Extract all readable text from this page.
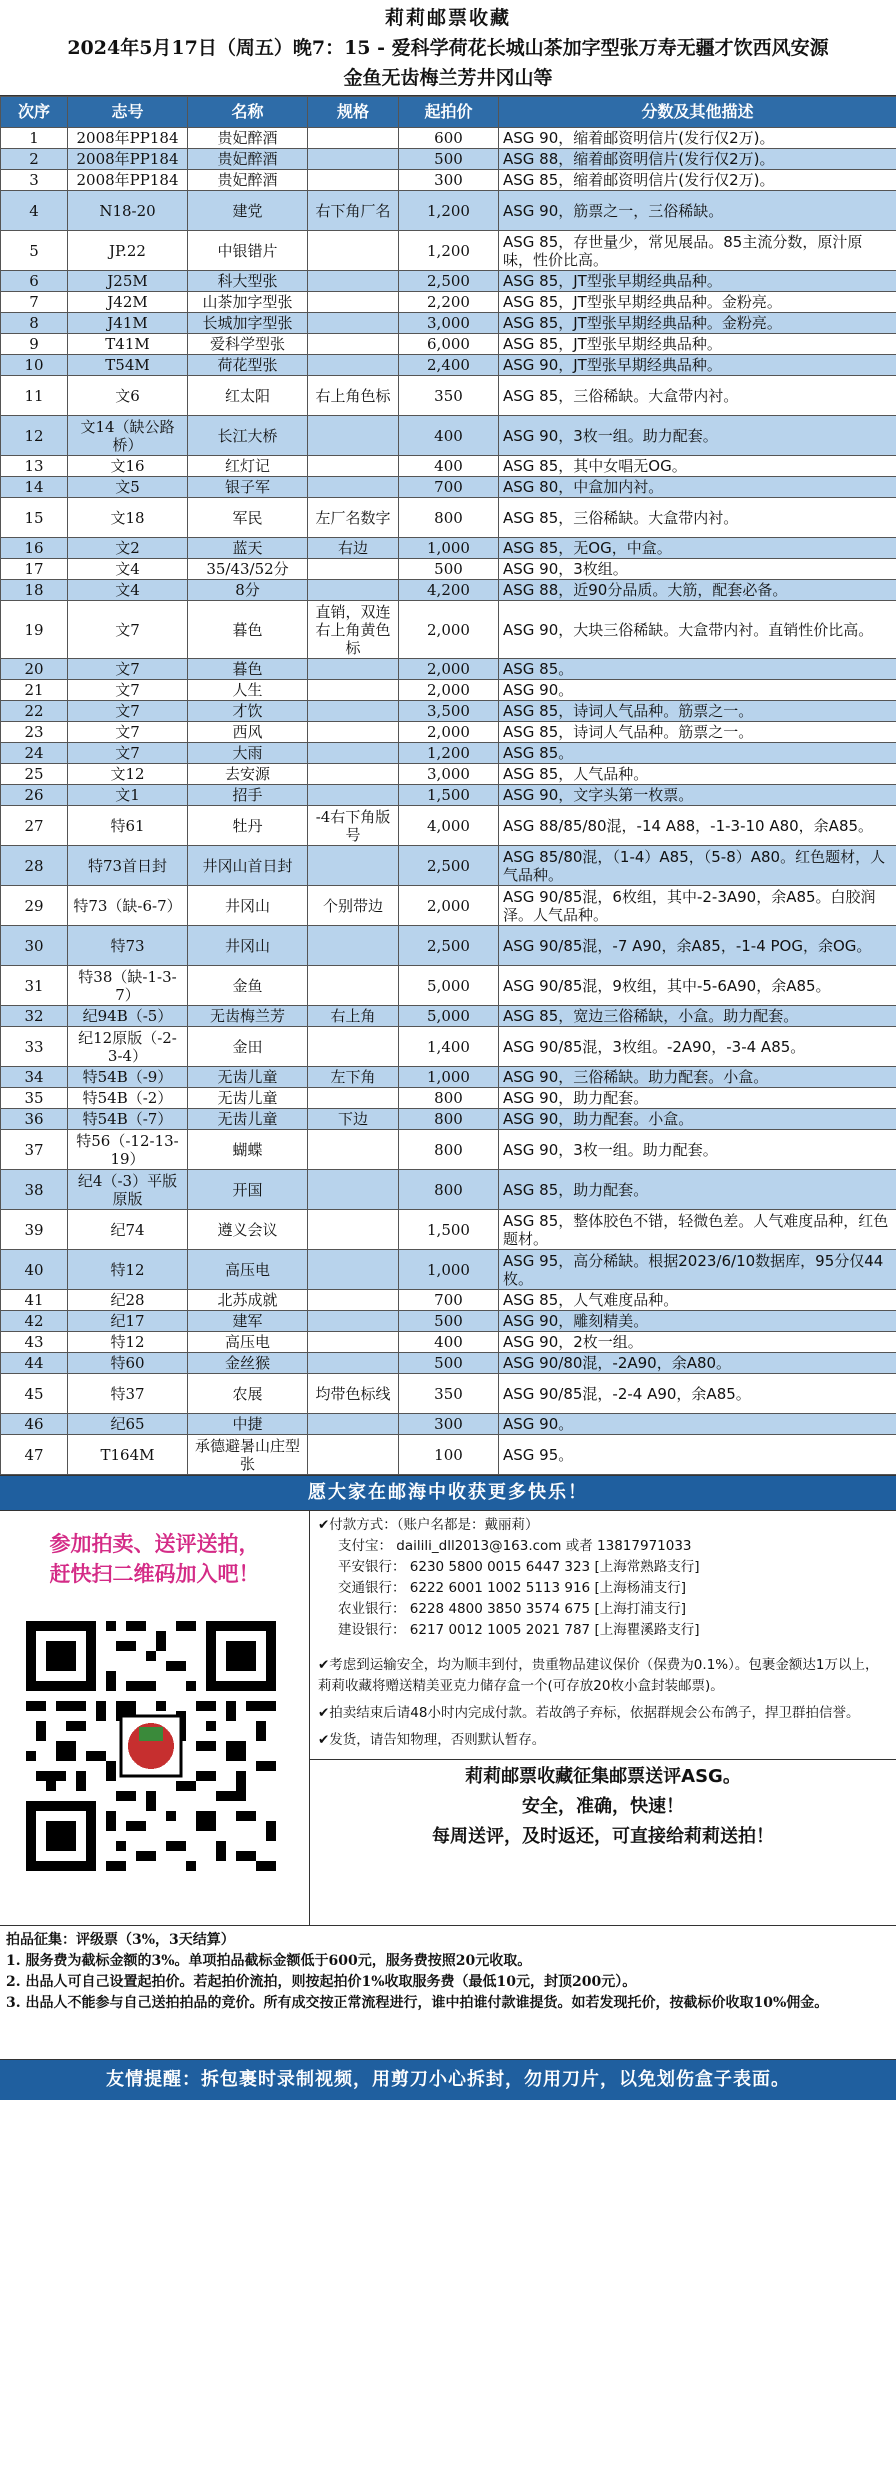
莉莉邮票收藏
2024年5月17日（周五）晚7：15 - 爱科学荷花长城山茶加字型张万寿无疆才饮西风安源
金鱼无齿梅兰芳井冈山等
次序	志号	名称	规格	起拍价	分数及其他描述
1	2008年PP184	贵妃醉酒		600	ASG 90，缩着邮资明信片(发行仅2万)。
2	2008年PP184	贵妃醉酒		500	ASG 88，缩着邮资明信片(发行仅2万)。
3	2008年PP184	贵妃醉酒		300	ASG 85，缩着邮资明信片(发行仅2万)。
4	N18-20	建党	右下角厂名	1,200	ASG 90，筋票之一，三俗稀缺。
5	JP.22	中银错片		1,200	ASG 85，存世量少，常见展品。85主流分数，原汁原味，性价比高。
6	J25M	科大型张		2,500	ASG 85，JT型张早期经典品种。
7	J42M	山茶加字型张		2,200	ASG 85，JT型张早期经典品种。金粉亮。
8	J41M	长城加字型张		3,000	ASG 85，JT型张早期经典品种。金粉亮。
9	T41M	爱科学型张		6,000	ASG 85，JT型张早期经典品种。
10	T54M	荷花型张		2,400	ASG 90，JT型张早期经典品种。
11	文6	红太阳	右上角色标	350	ASG 85，三俗稀缺。大盒带内衬。
12	文14（缺公路桥）	长江大桥		400	ASG 90，3枚一组。助力配套。
13	文16	红灯记		400	ASG 85，其中女唱无OG。
14	文5	银子军		700	ASG 80，中盒加内衬。
15	文18	军民	左厂名数字	800	ASG 85，三俗稀缺。大盒带内衬。
16	文2	蓝天	右边	1,000	ASG 85，无OG，中盒。
17	文4	35/43/52分		500	ASG 90，3枚组。
18	文4	8分		4,200	ASG 88，近90分品质。大筋，配套必备。
19	文7	暮色	直销，双连右上角黄色标	2,000	ASG 90，大块三俗稀缺。大盒带内衬。直销性价比高。
20	文7	暮色		2,000	ASG 85。
21	文7	人生		2,000	ASG 90。
22	文7	才饮		3,500	ASG 85，诗词人气品种。筋票之一。
23	文7	西风		2,000	ASG 85，诗词人气品种。筋票之一。
24	文7	大雨		1,200	ASG 85。
25	文12	去安源		3,000	ASG 85，人气品种。
26	文1	招手		1,500	ASG 90，文字头第一枚票。
27	特61	牡丹	-4右下角版号	4,000	ASG 88/85/80混，-14 A88，-1-3-10 A80，余A85。
28	特73首日封	井冈山首日封		2,500	ASG 85/80混，（1-4）A85，（5-8）A80。红色题材，人气品种。
29	特73（缺-6-7）	井冈山	个别带边	2,000	ASG 90/85混，6枚组，其中-2-3A90，余A85。白胶润泽。人气品种。
30	特73	井冈山		2,500	ASG 90/85混，-7 A90，余A85，-1-4 POG，余OG。
31	特38（缺-1-3-7）	金鱼		5,000	ASG 90/85混，9枚组，其中-5-6A90，余A85。
32	纪94B（-5）	无齿梅兰芳	右上角	5,000	ASG 85，宽边三俗稀缺，小盒。助力配套。
33	纪12原版（-2-3-4）	金田		1,400	ASG 90/85混，3枚组。-2A90，-3-4 A85。
34	特54B（-9）	无齿儿童	左下角	1,000	ASG 90，三俗稀缺。助力配套。小盒。
35	特54B（-2）	无齿儿童		800	ASG 90，助力配套。
36	特54B（-7）	无齿儿童	下边	800	ASG 90，助力配套。小盒。
37	特56（-12-13-19）	蝴蝶		800	ASG 90，3枚一组。助力配套。
38	纪4（-3）平版原版	开国		800	ASG 85，助力配套。
39	纪74	遵义会议		1,500	ASG 85，整体胶色不错，轻微色差。人气难度品种，红色题材。
40	特12	高压电		1,000	ASG 95，高分稀缺。根据2023/6/10数据库，95分仅44枚。
41	纪28	北苏成就		700	ASG 85，人气难度品种。
42	纪17	建军		500	ASG 90，雕刻精美。
43	特12	高压电		400	ASG 90，2枚一组。
44	特60	金丝猴		500	ASG 90/80混，-2A90，余A80。
45	特37	农展	均带色标线	350	ASG 90/85混，-2-4 A90，余A85。
46	纪65	中捷		300	ASG 90。
47	T164M	承德避暑山庄型张		100	ASG 95。
愿大家在邮海中收获更多快乐！
参加拍卖、送评送拍，
赶快扫二维码加入吧！
✔付款方式：（账户名都是：戴丽莉）
支付宝： dailili_dll2013@163.com 或者 13817971033
平安银行： 6230 5800 0015 6447 323 [上海常熟路支行]
交通银行： 6222 6001 1002 5113 916 [上海杨浦支行]
农业银行： 6228 4800 3850 3574 675 [上海打浦支行]
建设银行： 6217 0012 1005 2021 787 [上海瞿溪路支行]
✔考虑到运输安全，均为顺丰到付，贵重物品建议保价（保费为0.1%）。包裹金额达1万以上，莉莉收藏将赠送精美亚克力储存盒一个(可存放20枚小盒封装邮票)。
✔拍卖结束后请48小时内完成付款。若故鸽子弃标，依据群规会公布鸽子，捍卫群拍信誉。
✔发货，请告知物理，否则默认暂存。
莉莉邮票收藏征集邮票送评ASG。
安全，准确，快速！
每周送评，及时返还，可直接给莉莉送拍！
拍品征集：评级票（3%，3天结算）
1. 服务费为截标金额的3%。单项拍品截标金额低于600元，服务费按照20元收取。
2. 出品人可自己设置起拍价。若起拍价流拍，则按起拍价1%收取服务费（最低10元，封顶200元）。
3. 出品人不能参与自己送拍拍品的竞价。所有成交按正常流程进行，谁中拍谁付款谁提货。如若发现托价，按截标价收取10%佣金。
友情提醒：拆包裹时录制视频，用剪刀小心拆封，勿用刀片，以免划伤盒子表面。
